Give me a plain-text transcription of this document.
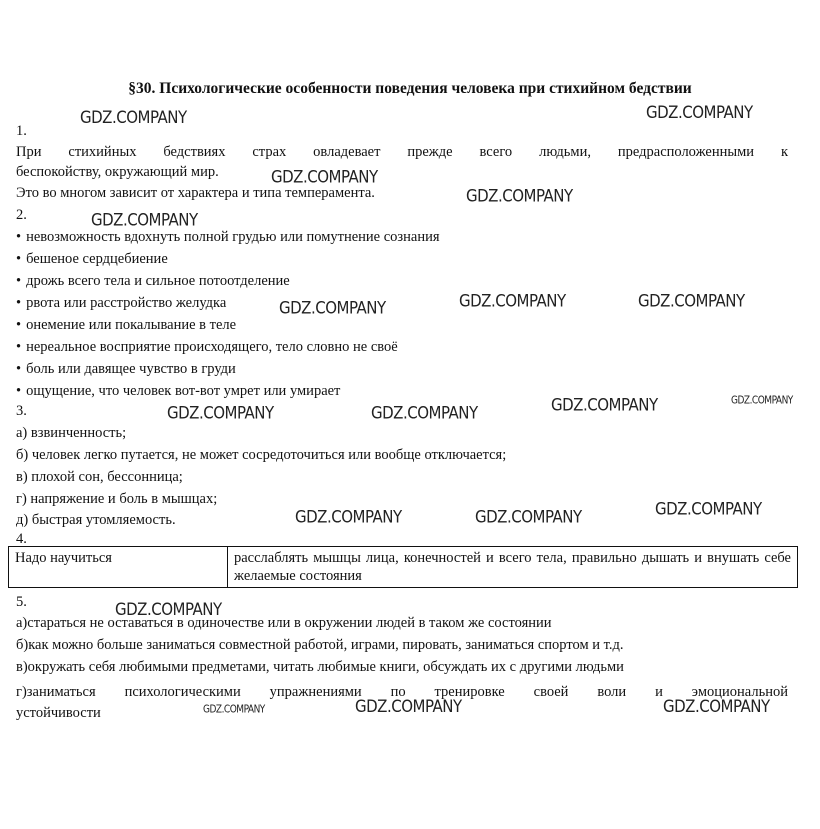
§30. Психологические особенности поведения человека при стихийном бедствии
1.
При стихийных бедствиях страх овладевает прежде всего людьми, предрасположенными к
беспокойству, окружающий мир.
Это во многом зависит от характера и типа темперамента.
2.
• невозможность вдохнуть полной грудью или помутнение сознания
• бешеное сердцебиение
• дрожь всего тела и сильное потоотделение
• рвота или расстройство желудка
• онемение или покалывание в теле
• нереальное восприятие происходящего, тело словно не своё
• боль или давящее чувство в груди
• ощущение, что человек вот-вот умрет или умирает
3.
а) взвинченность;
б) человек легко путается, не может сосредоточиться или вообще отключается;
в) плохой сон, бессонница;
г) напряжение и боль в мышцах;
д) быстрая утомляемость.
4.
Надо научиться	расслаблять мышцы лица, конечностей и всего тела, правильно дышать и внушать себе желаемые состояния
5.
а)стараться не оставаться в одиночестве или в окружении людей в таком же состоянии
б)как можно больше заниматься совместной работой, играми, пировать, заниматься спортом и т.д.
в)окружать себя любимыми предметами, читать любимые книги, обсуждать их с другими людьми
г)заниматься психологическими упражнениями по тренировке своей воли и эмоциональной
устойчивости
GDZ.COMPANY	GDZ.COMPANY
GDZ.COMPANY
GDZ.COMPANY
GDZ.COMPANY
GDZ.COMPANY	GDZ.COMPANY	GDZ.COMPANY
GDZ.COMPANY	GDZ.COMPANY	GDZ.COMPANY	GDZ.COMPANY
GDZ.COMPANY	GDZ.COMPANY	GDZ.COMPANY
GDZ.COMPANY
GDZ.COMPANY	GDZ.COMPANY	GDZ.COMPANY
